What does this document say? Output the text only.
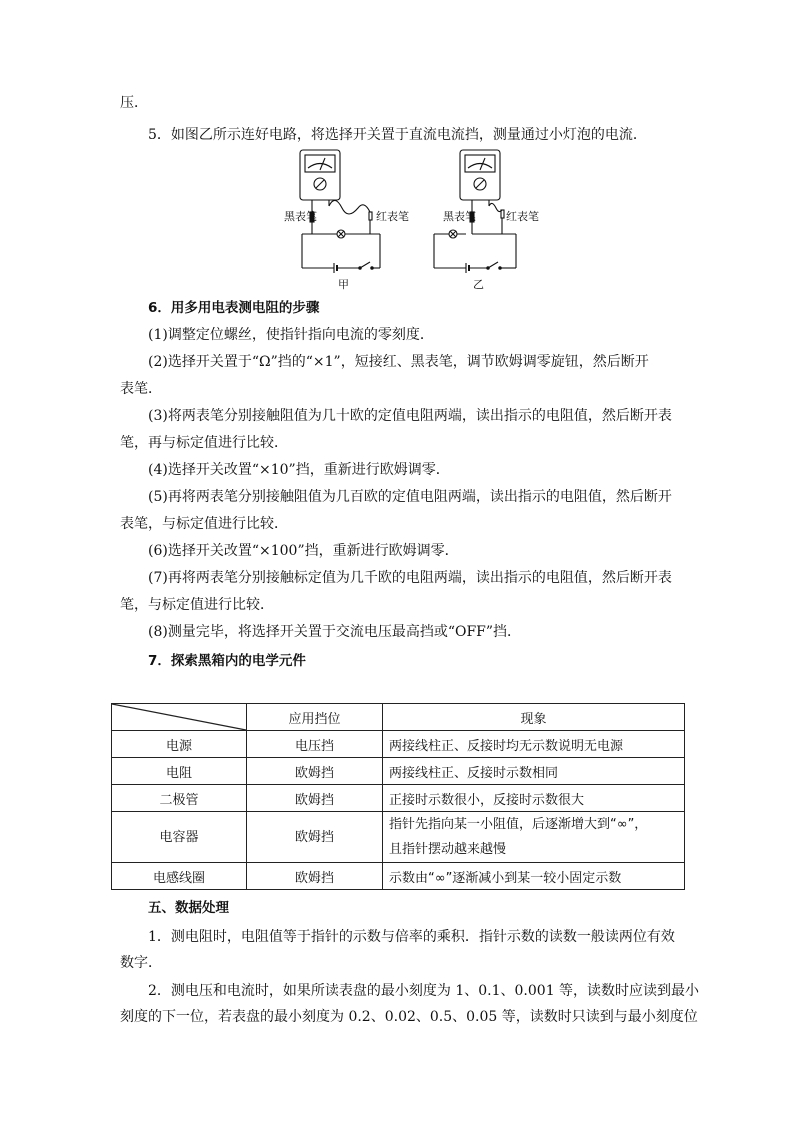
压．
5．如图乙所示连好电路，将选择开关置于直流电流挡，测量通过小灯泡的电流．
黑表笔	红表笔
甲
黑表笔	红表笔
乙
6．用多用电表测电阻的步骤
(1)调整定位螺丝，使指针指向电流的零刻度．
(2)选择开关置于“Ω”挡的“×1”，短接红、黑表笔，调节欧姆调零旋钮，然后断开
表笔．
(3)将两表笔分别接触阻值为几十欧的定值电阻两端，读出指示的电阻值，然后断开表
笔，再与标定值进行比较．
(4)选择开关改置“×10”挡，重新进行欧姆调零．
(5)再将两表笔分别接触阻值为几百欧的定值电阻两端，读出指示的电阻值，然后断开
表笔，与标定值进行比较．
(6)选择开关改置“×100”挡，重新进行欧姆调零．
(7)再将两表笔分别接触标定值为几千欧的电阻两端，读出指示的电阻值，然后断开表
笔，与标定值进行比较．
(8)测量完毕，将选择开关置于交流电压最高挡或“OFF”挡．
7．探索黑箱内的电学元件
	应用挡位	现象
电源	电压挡	两接线柱正、反接时均无示数说明无电源
电阻	欧姆挡	两接线柱正、反接时示数相同
二极管	欧姆挡	正接时示数很小，反接时示数很大
电容器	欧姆挡	指针先指向某一小阻值，后逐渐增大到“∞”，
且指针摆动越来越慢

电感线圈	欧姆挡	示数由“∞”逐渐减小到某一较小固定示数
五、数据处理
1．测电阻时，电阻值等于指针的示数与倍率的乘积．指针示数的读数一般读两位有效
数字．
2．测电压和电流时，如果所读表盘的最小刻度为 1、0.1、0.001 等，读数时应读到最小
刻度的下一位，若表盘的最小刻度为 0.2、0.02、0.5、0.05 等，读数时只读到与最小刻度位
